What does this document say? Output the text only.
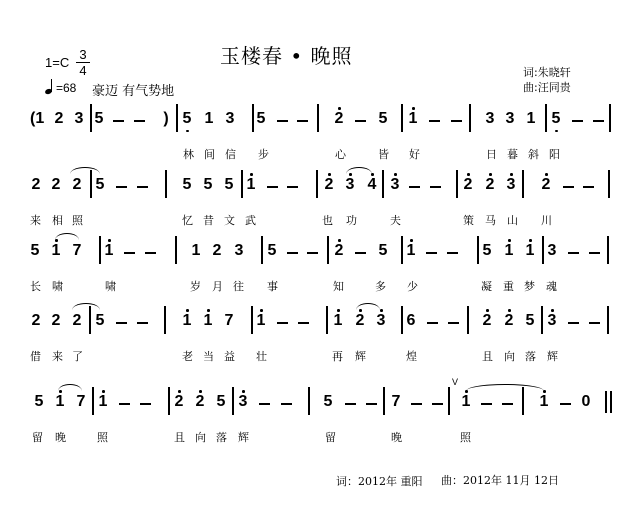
玉楼春 • 晚照
词:朱晓轩
曲:汪同贵
1=C
3
4
=68 豪迈 有气势地
(1 2 3 5	) 5 1 3 5	2 5 1	3 3 1 5
林 间 信 步	心	皆 好	日 暮 斜 阳
2 2 2 5	5 5 5 1	2 3 4 3	2 2 3 2
来 相 照	忆 昔 文 武	也 功	夫	策 马 山 川
5 1 7 1	1 2 3 5	2 5 1	5 1 1 3
长 啸	啸	岁 月 往 事	知	多 少	凝 重 梦 魂
2 2 2 5	1 1 7 1	1 2 3 6	2 2 5 3
借 来 了	老 当 益 壮	再 辉	煌	且 向 落 辉
5 1 7 1	2 2 5 3	5	7	1	1 0
V
留 晚	照	且 向 落 辉	留	晚	照
词：2012年 重阳 曲：2012年 11月 12日
